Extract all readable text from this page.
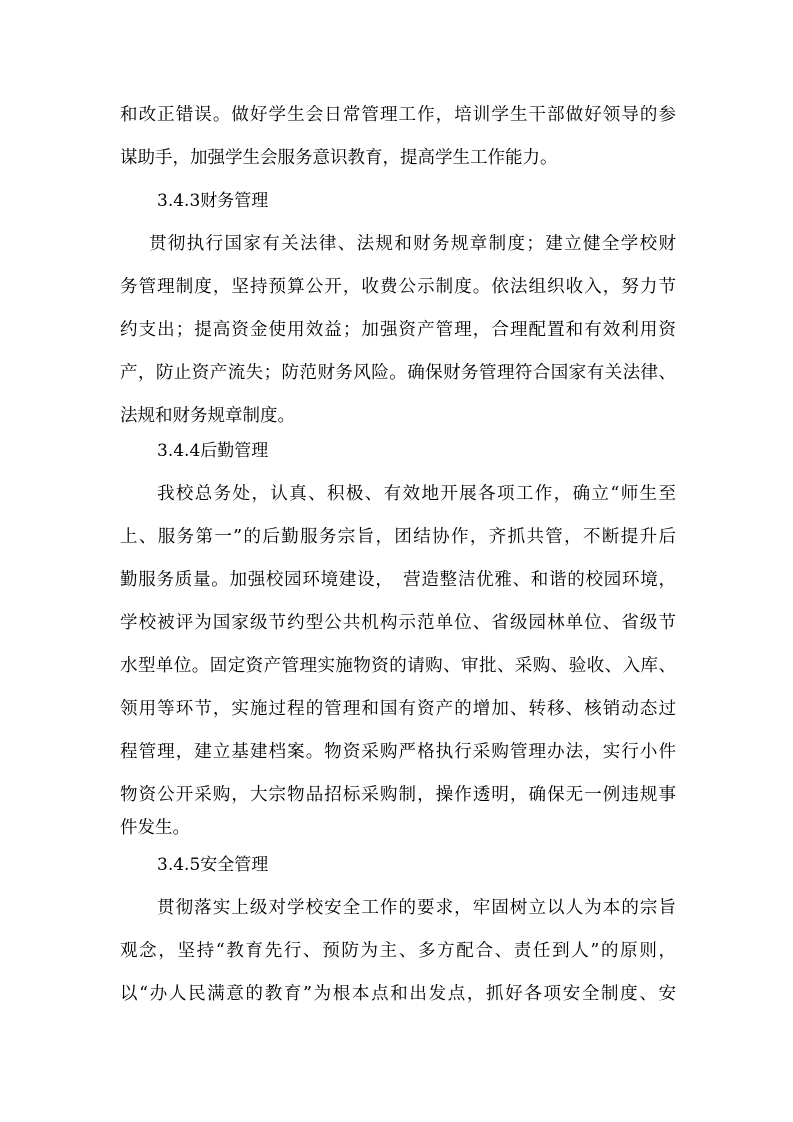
和改正错误。做好学生会日常管理工作，培训学生干部做好领导的参
谋助手，加强学生会服务意识教育，提高学生工作能力。
3.4.3财务管理
贯彻执行国家有关法律、法规和财务规章制度；建立健全学校财
务管理制度，坚持预算公开，收费公示制度。依法组织收入，努力节
约支出；提高资金使用效益；加强资产管理，合理配置和有效利用资
产，防止资产流失；防范财务风险。确保财务管理符合国家有关法律、
法规和财务规章制度。
3.4.4后勤管理
我校总务处，认真、积极、有效地开展各项工作，确立“师生至
上、服务第一”的后勤服务宗旨，团结协作，齐抓共管，不断提升后
勤服务质量。加强校园环境建设，　营造整洁优雅、和谐的校园环境，
学校被评为国家级节约型公共机构示范单位、省级园林单位、省级节
水型单位。固定资产管理实施物资的请购、审批、采购、验收、入库、
领用等环节，实施过程的管理和国有资产的增加、转移、核销动态过
程管理，建立基建档案。物资采购严格执行采购管理办法，实行小件
物资公开采购，大宗物品招标采购制，操作透明，确保无一例违规事
件发生。
3.4.5安全管理
贯彻落实上级对学校安全工作的要求，牢固树立以人为本的宗旨
观念，坚持“教育先行、预防为主、多方配合、责任到人”的原则，
以“办人民满意的教育”为根本点和出发点，抓好各项安全制度、安
